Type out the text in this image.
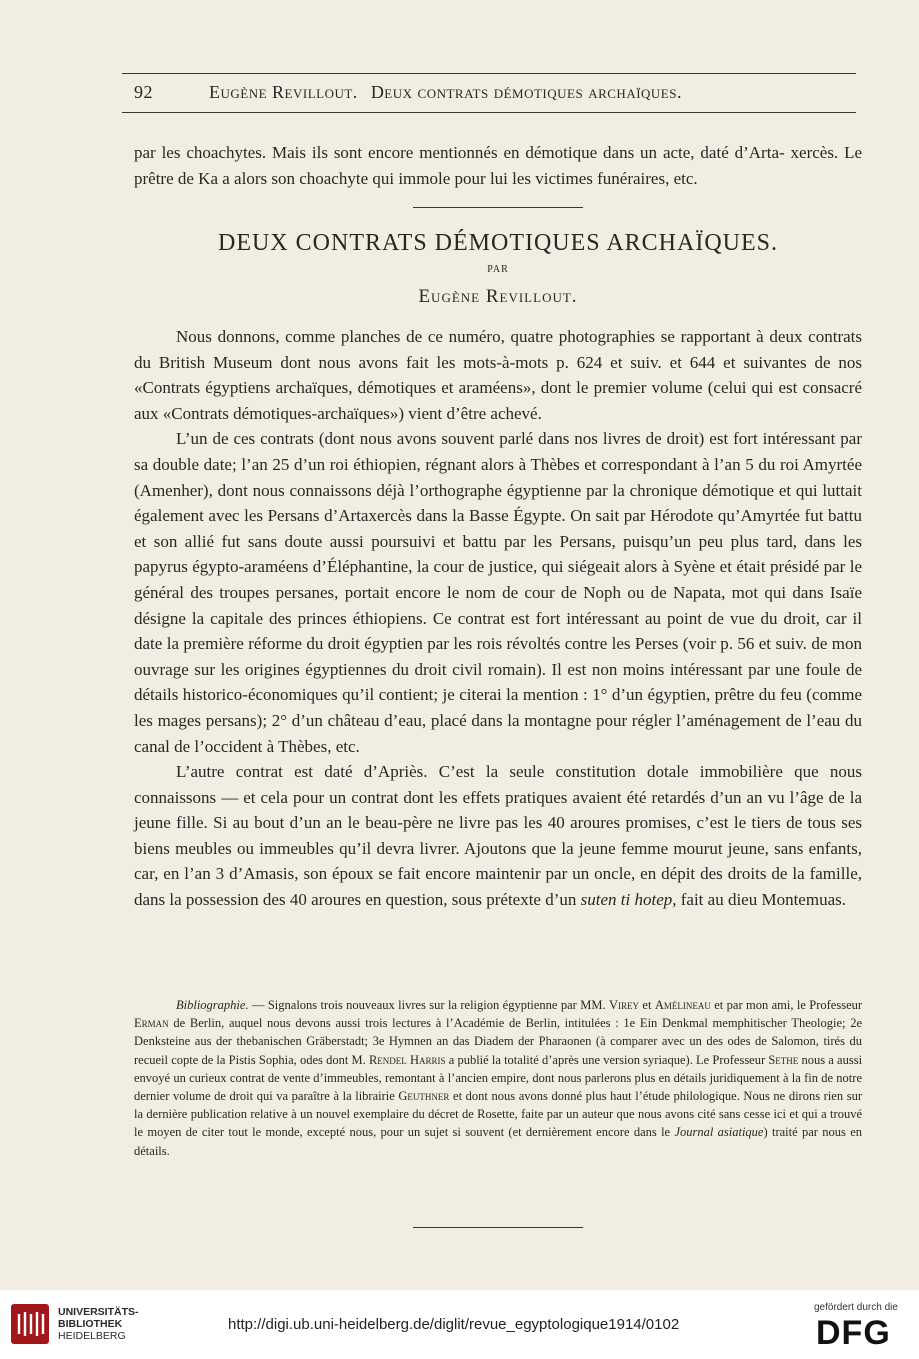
92	Eugène Revillout. Deux contrats démotiques archaïques.

par les choachytes. Mais ils sont encore mentionnés en démotique dans un acte, daté d’Arta- xercès. Le prêtre de Ka a alors son choachyte qui immole pour lui les victimes funéraires, etc.

DEUX CONTRATS DÉMOTIQUES ARCHAÏQUES.
PAR
Eugène Revillout.

Nous donnons, comme planches de ce numéro, quatre photographies se rapportant à deux contrats du British Museum dont nous avons fait les mots-à-mots p. 624 et suiv. et 644 et suivantes de nos «Contrats égyptiens archaïques, démotiques et araméens», dont le premier volume (celui qui est consacré aux «Contrats démotiques-archaïques») vient d’être achevé.

L’un de ces contrats (dont nous avons souvent parlé dans nos livres de droit) est fort intéressant par sa double date; l’an 25 d’un roi éthiopien, régnant alors à Thèbes et correspondant à l’an 5 du roi Amyrtée (Amenher), dont nous connaissons déjà l’orthographe égyptienne par la chronique démotique et qui luttait également avec les Persans d’Artaxercès dans la Basse Égypte. On sait par Hérodote qu’Amyrtée fut battu et son allié fut sans doute aussi poursuivi et battu par les Persans, puisqu’un peu plus tard, dans les papyrus égypto-araméens d’Éléphantine, la cour de justice, qui siégeait alors à Syène et était présidé par le général des troupes persanes, portait encore le nom de cour de Noph ou de Napata, mot qui dans Isaïe désigne la capitale des princes éthiopiens. Ce contrat est fort intéressant au point de vue du droit, car il date la première réforme du droit égyptien par les rois révoltés contre les Perses (voir p. 56 et suiv. de mon ouvrage sur les origines égyptiennes du droit civil romain). Il est non moins intéressant par une foule de détails historico-économiques qu’il contient; je citerai la mention : 1° d’un égyptien, prêtre du feu (comme les mages persans); 2° d’un château d’eau, placé dans la montagne pour régler l’aménagement de l’eau du canal de l’occident à Thèbes, etc.

L’autre contrat est daté d’Apriès. C’est la seule constitution dotale immobilière que nous connaissons — et cela pour un contrat dont les effets pratiques avaient été retardés d’un an vu l’âge de la jeune fille. Si au bout d’un an le beau-père ne livre pas les 40 aroures promises, c’est le tiers de tous ses biens meubles ou immeubles qu’il devra livrer. Ajoutons que la jeune femme mourut jeune, sans enfants, car, en l’an 3 d’Amasis, son époux se fait encore maintenir par un oncle, en dépit des droits de la famille, dans la possession des 40 aroures en question, sous prétexte d’un suten ti hotep, fait au dieu Montemuas.

Bibliographie. — Signalons trois nouveaux livres sur la religion égyptienne par MM. Virey et Amélineau et par mon ami, le Professeur Erman de Berlin, auquel nous devons aussi trois lectures à l’Académie de Berlin, intitulées : 1e Ein Denkmal memphitischer Theologie; 2e Denksteine aus der thebanischen Gräberstadt; 3e Hymnen an das Diadem der Pharaonen (à comparer avec un des odes de Salomon, tirés du recueil copte de la Pistis Sophia, odes dont M. Rendel Harris a publié la totalité d’après une version syriaque). Le Professeur Sethe nous a aussi envoyé un curieux contrat de vente d’immeubles, remontant à l’ancien empire, dont nous parlerons plus en détails juridiquement à la fin de notre dernier volume de droit qui va paraître à la librairie Geuthner et dont nous avons donné plus haut l’étude philologique. Nous ne dirons rien sur la dernière publication relative à un nouvel exemplaire du décret de Rosette, faite par un auteur que nous avons cité sans cesse ici et qui a trouvé le moyen de citer tout le monde, excepté nous, pour un sujet si souvent (et dernièrement encore dans le Journal asiatique) traité par nous en détails.

UNIVERSITÄTS-
BIBLIOTHEK
HEIDELBERG
http://digi.ub.uni-heidelberg.de/diglit/revue_egyptologique1914/0102
gefördert durch die
DFG
